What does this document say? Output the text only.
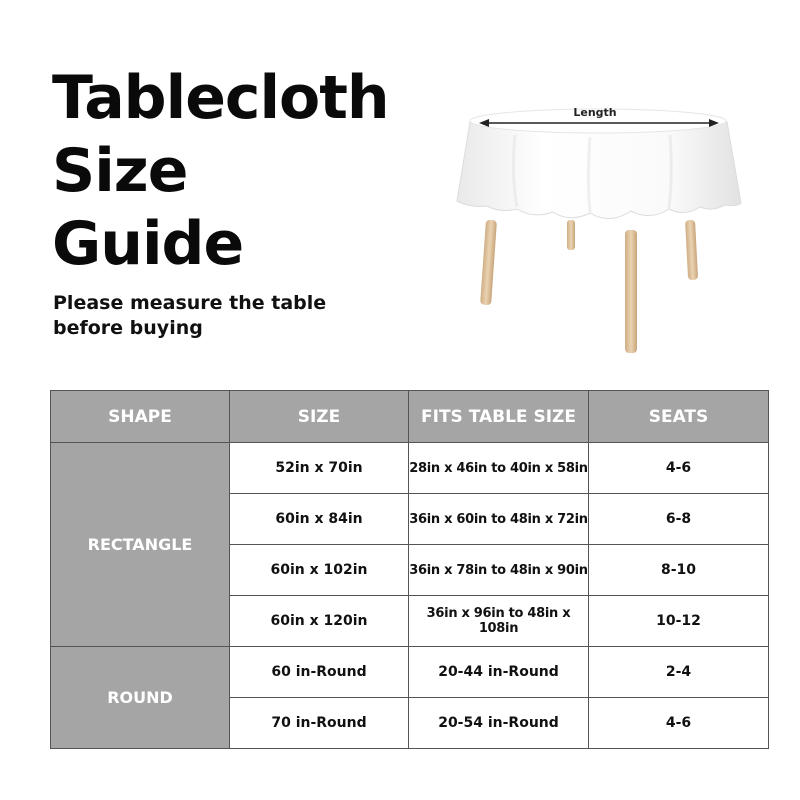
Tablecloth
Size
Guide

Please measure the table
before buying

Length
SHAPE	SIZE	FITS TABLE SIZE	SEATS
RECTANGLE	52in x 70in	28in x 46in to 40in x 58in	4-6
	60in x 84in	36in x 60in to 48in x 72in	6-8
	60in x 102in	36in x 78in to 48in x 90in	8-10
	60in x 120in	36in x 96in to 48in x 108in	10-12
ROUND	60 in-Round	20-44 in-Round	2-4
	70 in-Round	20-54 in-Round	4-6
